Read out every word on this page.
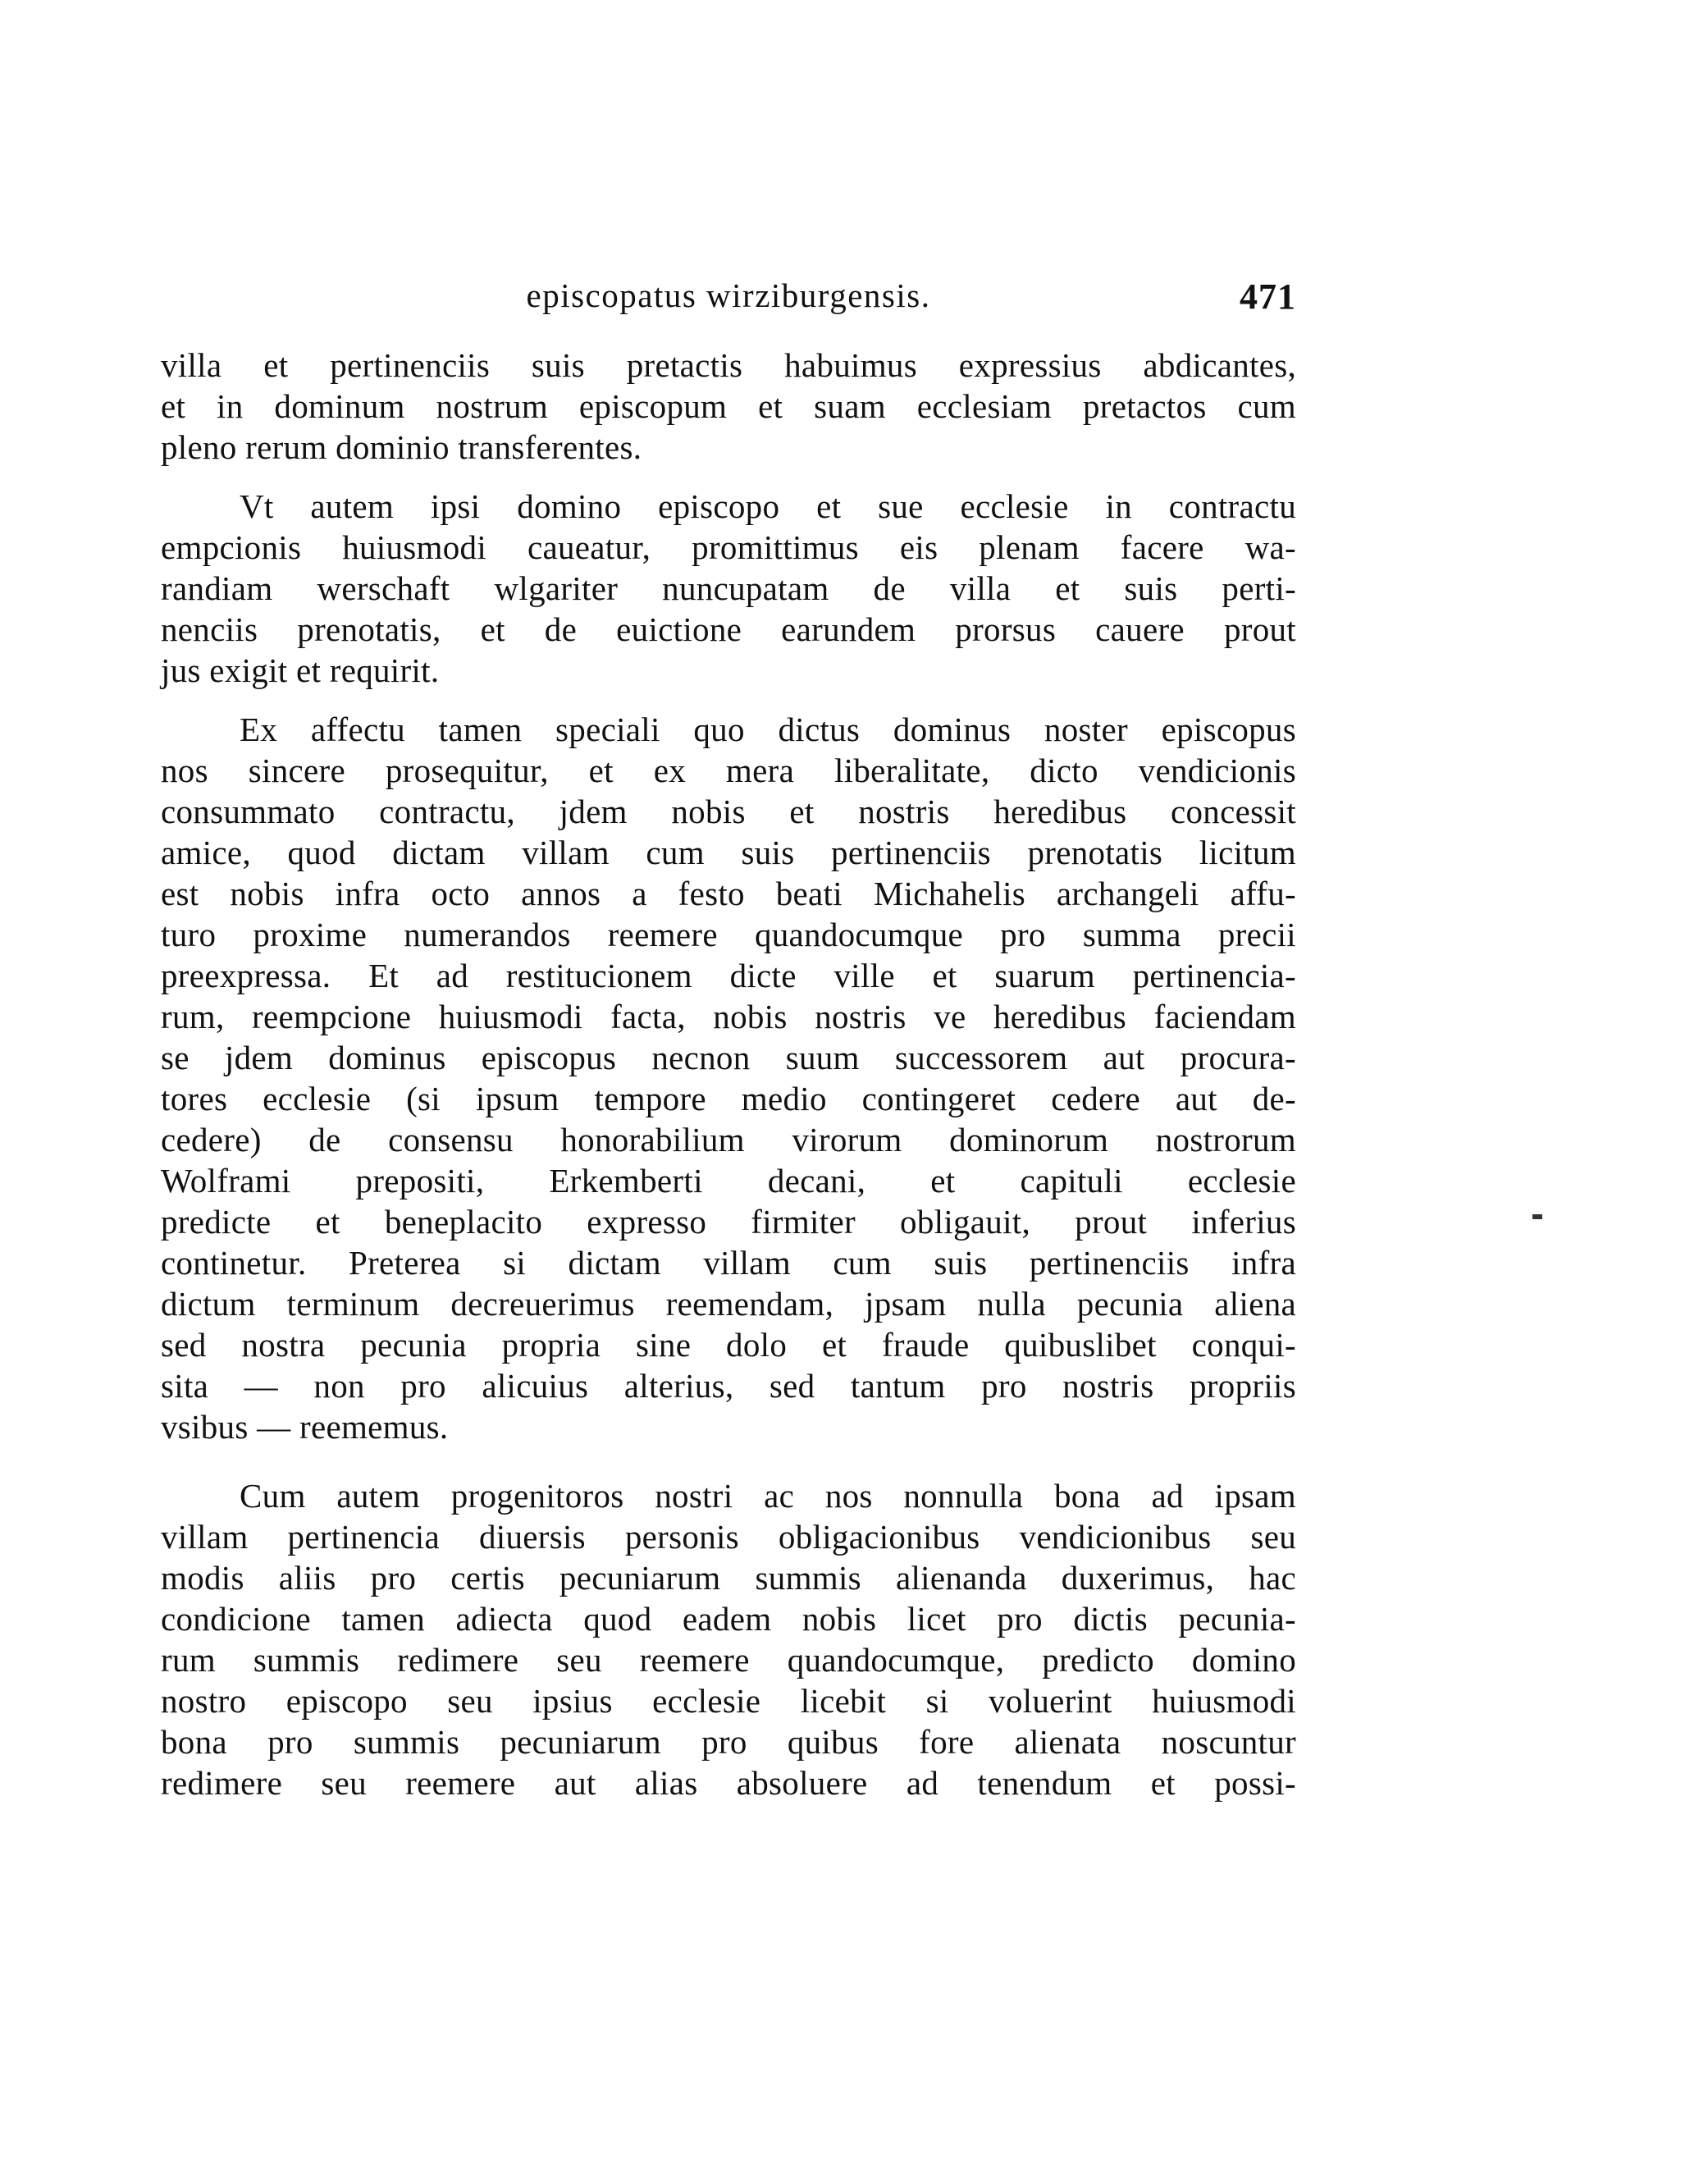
episcopatus wirziburgensis.	471
villa et pertinenciis suis pretactis habuimus expressius abdicantes,
et in dominum nostrum episcopum et suam ecclesiam pretactos cum
pleno rerum dominio transferentes.
Vt autem ipsi domino episcopo et sue ecclesie in contractu
empcionis huiusmodi caueatur, promittimus eis plenam facere wa-
randiam werschaft wlgariter nuncupatam de villa et suis perti-
nenciis prenotatis, et de euictione earundem prorsus cauere prout
jus exigit et requirit.
Ex affectu tamen speciali quo dictus dominus noster episcopus
nos sincere prosequitur, et ex mera liberalitate, dicto vendicionis
consummato contractu, jdem nobis et nostris heredibus concessit
amice, quod dictam villam cum suis pertinenciis prenotatis licitum
est nobis infra octo annos a festo beati Michahelis archangeli affu-
turo proxime numerandos reemere quandocumque pro summa precii
preexpressa. Et ad restitucionem dicte ville et suarum pertinencia-
rum, reempcione huiusmodi facta, nobis nostris ve heredibus faciendam
se jdem dominus episcopus necnon suum successorem aut procura-
tores ecclesie (si ipsum tempore medio contingeret cedere aut de-
cedere) de consensu honorabilium virorum dominorum nostrorum
Wolframi prepositi, Erkemberti decani, et capituli ecclesie
predicte et beneplacito expresso firmiter obligauit, prout inferius
continetur. Preterea si dictam villam cum suis pertinenciis infra
dictum terminum decreuerimus reemendam, jpsam nulla pecunia aliena
sed nostra pecunia propria sine dolo et fraude quibuslibet conqui-
sita — non pro alicuius alterius, sed tantum pro nostris propriis
vsibus — reememus.
Cum autem progenitoros nostri ac nos nonnulla bona ad ipsam
villam pertinencia diuersis personis obligacionibus vendicionibus seu
modis aliis pro certis pecuniarum summis alienanda duxerimus, hac
condicione tamen adiecta quod eadem nobis licet pro dictis pecunia-
rum summis redimere seu reemere quandocumque, predicto domino
nostro episcopo seu ipsius ecclesie licebit si voluerint huiusmodi
bona pro summis pecuniarum pro quibus fore alienata noscuntur
redimere seu reemere aut alias absoluere ad tenendum et possi-
